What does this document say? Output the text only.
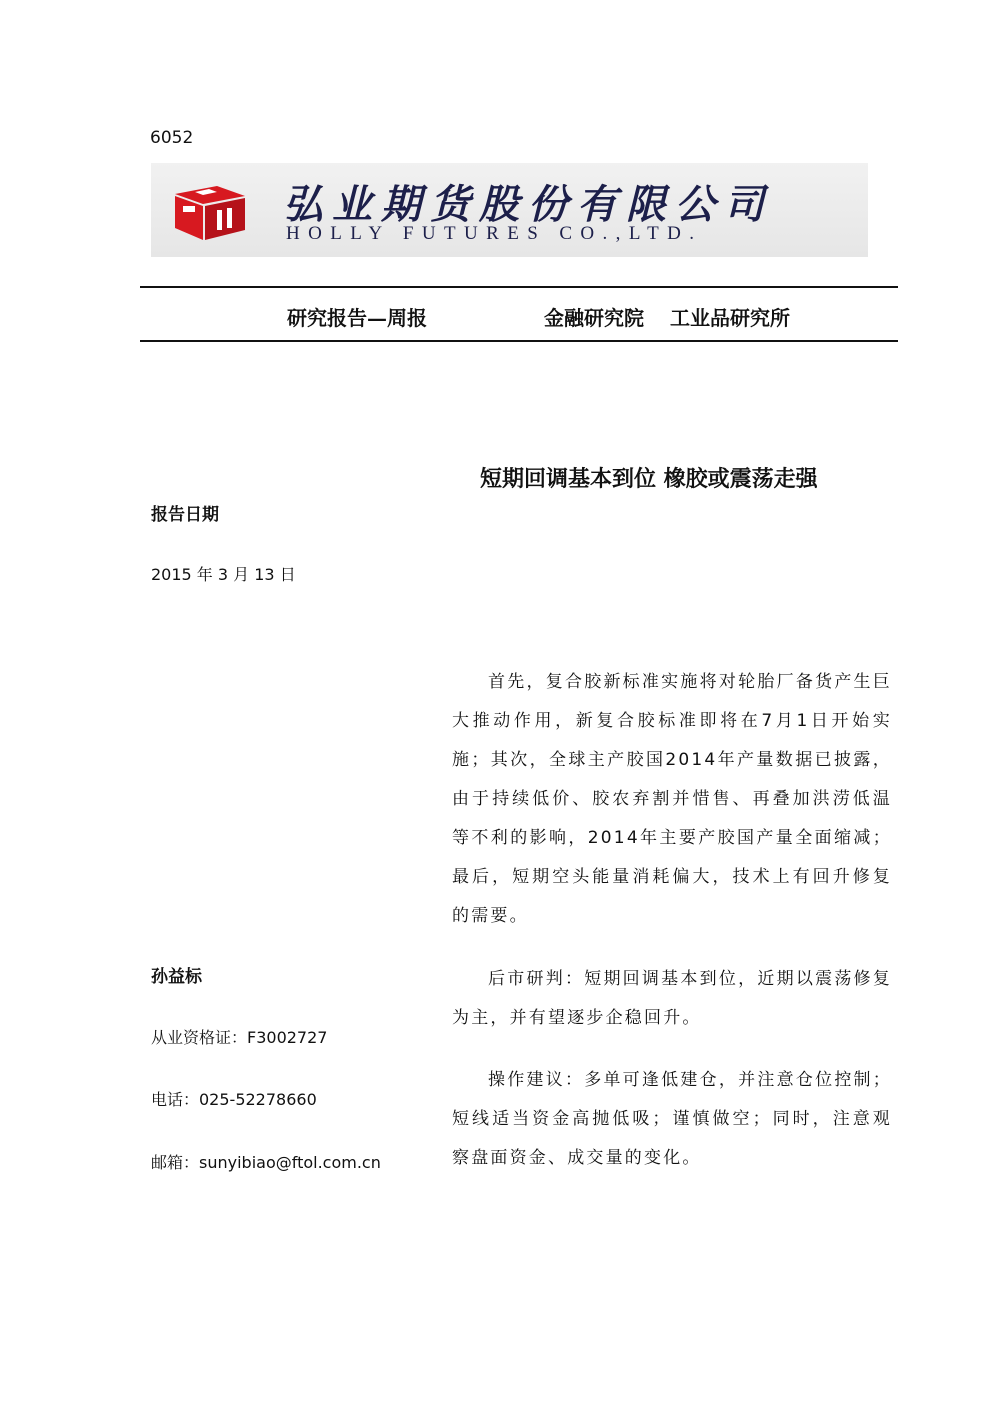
6052
弘业期货股份有限公司
HOLLY FUTURES CO.,LTD.
研究报告—周报	金融研究院 工业品研究所
短期回调基本到位 橡胶或震荡走强
报告日期
2015 年 3 月 13 日
孙益标
从业资格证：F3002727
电话：025-52278660
邮箱：sunyibiao@ftol.com.cn

首先，复合胶新标准实施将对轮胎厂备货产生巨大推动作用，新复合胶标准即将在7月1日开始实施；其次，全球主产胶国2014年产量数据已披露，由于持续低价、胶农弃割并惜售、再叠加洪涝低温等不利的影响，2014年主要产胶国产量全面缩减；最后，短期空头能量消耗偏大，技术上有回升修复的需要。

后市研判：短期回调基本到位，近期以震荡修复为主，并有望逐步企稳回升。

操作建议：多单可逢低建仓，并注意仓位控制；短线适当资金高抛低吸；谨慎做空；同时，注意观察盘面资金、成交量的变化。
